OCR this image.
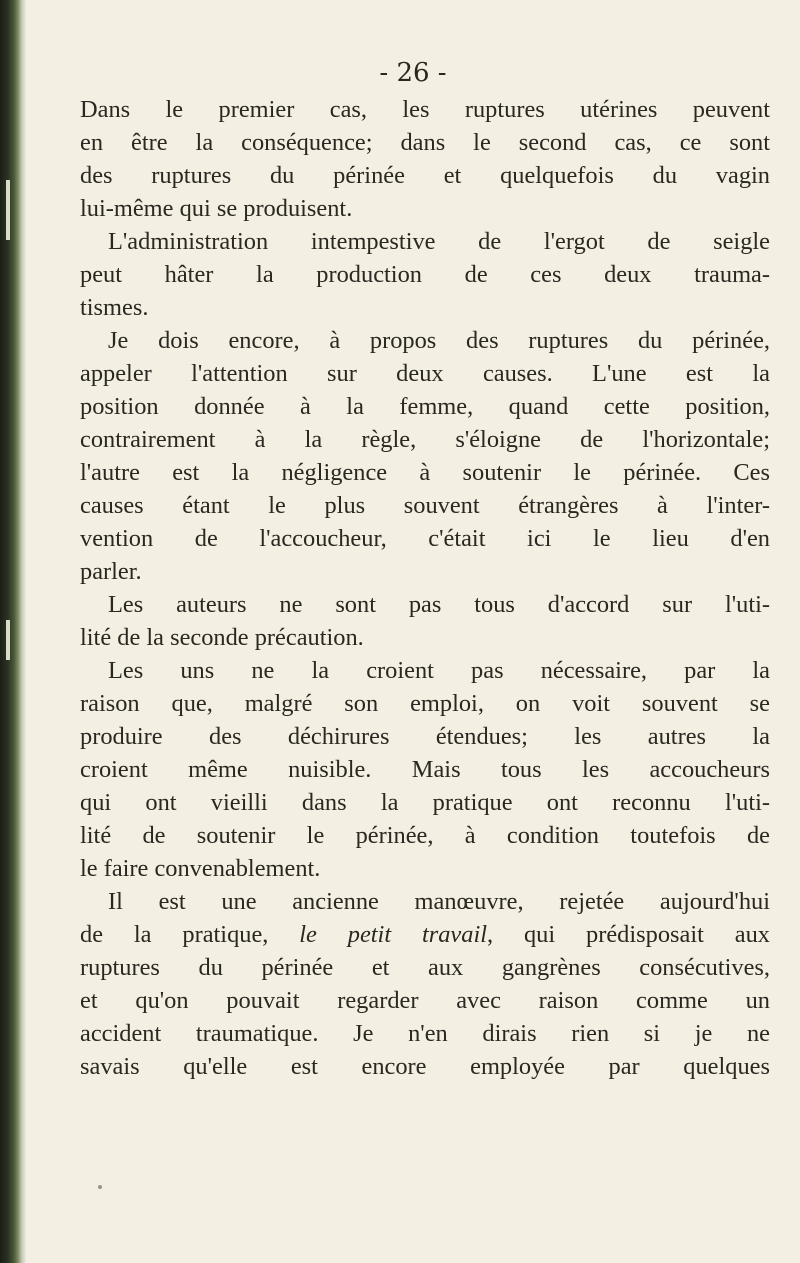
- 26 -
Dans le premier cas, les ruptures utérines peuvent
en être la conséquence; dans le second cas, ce sont
des ruptures du périnée et quelquefois du vagin
lui-même qui se produisent.
L'administration intempestive de l'ergot de seigle
peut hâter la production de ces deux trauma-
tismes.
Je dois encore, à propos des ruptures du périnée,
appeler l'attention sur deux causes. L'une est la
position donnée à la femme, quand cette position,
contrairement à la règle, s'éloigne de l'horizontale;
l'autre est la négligence à soutenir le périnée. Ces
causes étant le plus souvent étrangères à l'inter-
vention de l'accoucheur, c'était ici le lieu d'en
parler.
Les auteurs ne sont pas tous d'accord sur l'uti-
lité de la seconde précaution.
Les uns ne la croient pas nécessaire, par la
raison que, malgré son emploi, on voit souvent se
produire des déchirures étendues; les autres la
croient même nuisible. Mais tous les accoucheurs
qui ont vieilli dans la pratique ont reconnu l'uti-
lité de soutenir le périnée, à condition toutefois de
le faire convenablement.
Il est une ancienne manœuvre, rejetée aujourd'hui
de la pratique, le petit travail, qui prédisposait aux
ruptures du périnée et aux gangrènes consécutives,
et qu'on pouvait regarder avec raison comme un
accident traumatique. Je n'en dirais rien si je ne
savais qu'elle est encore employée par quelques
